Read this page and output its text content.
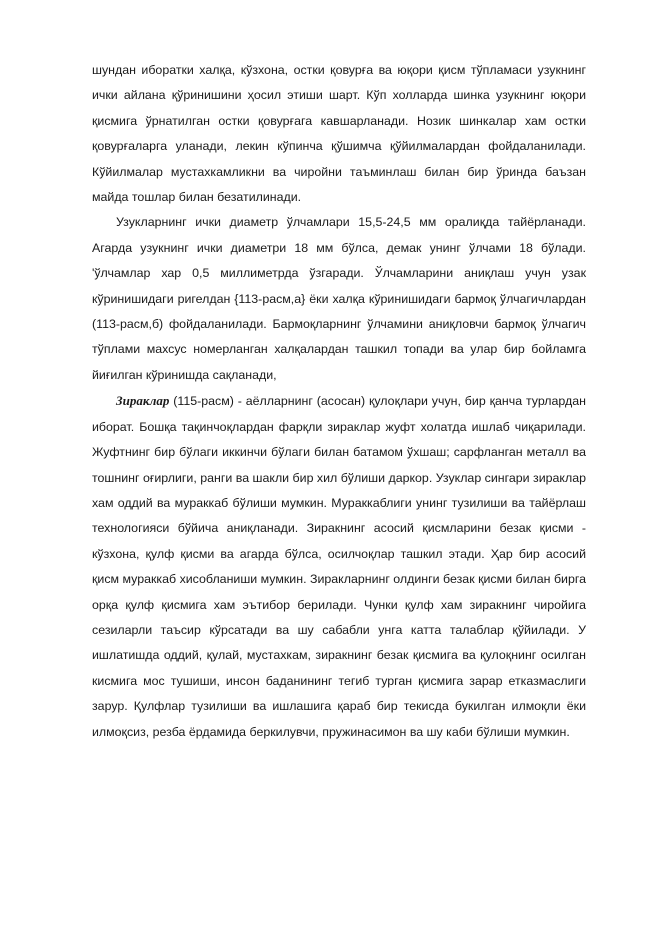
шундан иборатки халқа, кўзхона, остки қовурға ва юқори қисм тўпламаси узукнинг ички айлана қўринишини ҳосил этиши шарт. Кўп холларда шинка узукнинг юқори қисмига ўрнатилган остки қовурғага кавшарланади. Нозик шинкалар хам остки қовурғаларга уланади, лекин кўпинча қўшимча қўйилмалардан фойдаланилади. Кўйилмалар мустахкамликни ва чиройни таъминлаш билан бир ўринда баъзан майда тошлар билан безатилинади.

Узукларнинг ички диаметр ўлчамлари 15,5-24,5 мм оралиқда тайёрланади. Агарда узукнинг ички диаметри 18 мм бўлса, демак унинг ўлчами 18 бўлади. 'ўлчамлар хар 0,5 миллиметрда ўзгаради. Ўлчамларини аниқлаш учун узак кўринишидаги ригелдан {113-расм,а} ёки халқа кўринишидаги бармоқ ўлчагичлардан (113-расм,б) фойдаланилади. Бармоқларнинг ўлчамини аниқловчи бармоқ ўлчагич тўплами махсус номерланган халқалардан ташкил топади ва улар бир бойламга йиғилган кўринишда сақланади,

Зираклар (115-расм) - аёлларнинг (асосан) қулоқлари учун, бир қанча турлардан иборат. Бошқа тақинчоқлардан фарқли зираклар жуфт холатда ишлаб чиқарилади. Жуфтнинг бир бўлаги иккинчи бўлаги билан батамом ўхшаш; сарфланган металл ва тошнинг оғирлиги, ранги ва шакли бир хил бўлиши даркор. Узуклар сингари зираклар хам оддий ва мураккаб бўлиши мумкин. Мураккаблиги унинг тузилиши ва тайёрлаш технологияси бўйича аниқланади. Зиракнинг асосий қисмларини безак қисми - кўзхона, қулф қисми ва агарда бўлса, осилчоқлар ташкил этади. Ҳар бир асосий қисм мураккаб хисобланиши мумкин. Зиракларнинг олдинги безак қисми билан бирга орқа қулф қисмига хам эътибор берилади. Чунки қулф хам зиракнинг чиройига сезиларли таъсир кўрсатади ва шу сабабли унга катта талаблар қўйилади. У ишлатишда оддий, қулай, мустахкам, зиракнинг безак қисмига ва қулоқнинг осилган кисмига мос тушиши, инсон баданининг тегиб турган қисмига зарар етказмаслиги зарур. Қулфлар тузилиши ва ишлашига қараб бир текисда букилган илмоқли ёки илмоқсиз, резба ёрдамида беркилувчи, пружинасимон ва шу каби бўлиши мумкин.
